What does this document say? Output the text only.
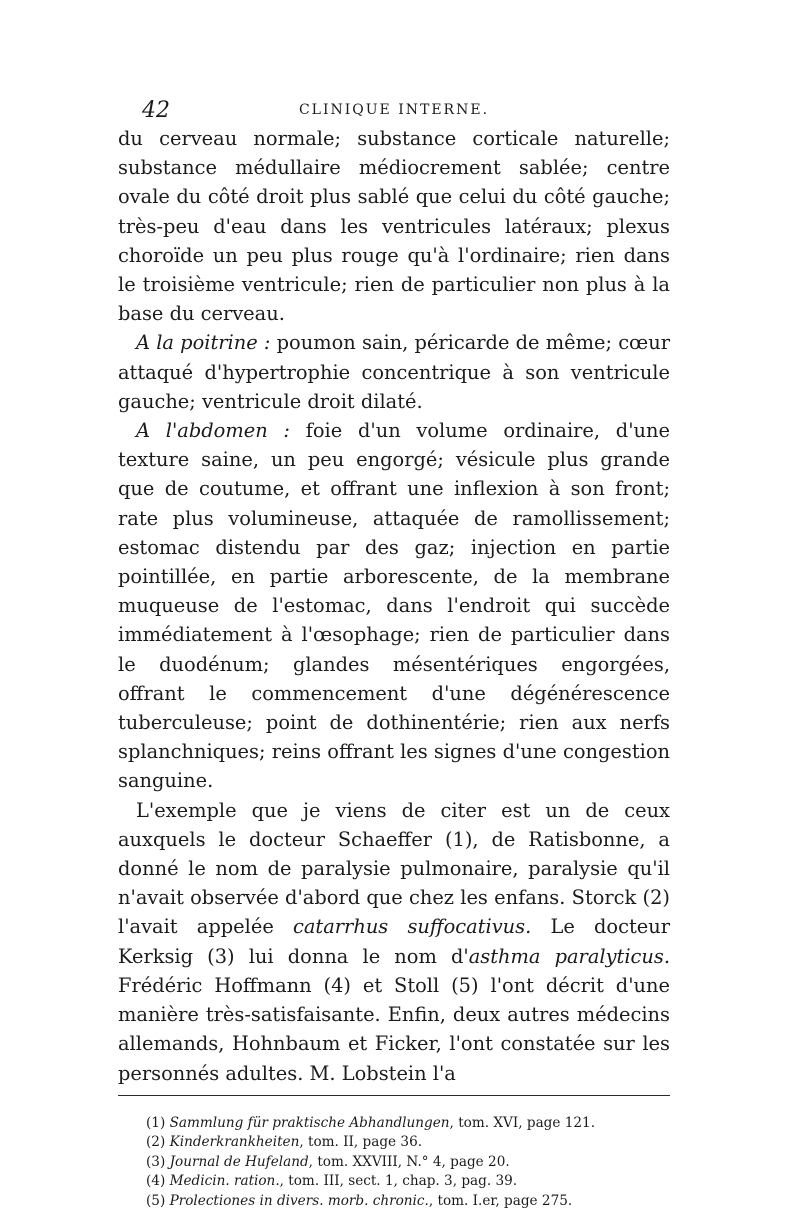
42	CLINIQUE INTERNE.

du cerveau normale; substance corticale naturelle; substance médullaire médiocrement sablée; centre ovale du côté droit plus sablé que celui du côté gauche; très-peu d'eau dans les ventricules latéraux; plexus choroïde un peu plus rouge qu'à l'ordinaire; rien dans le troisième ventricule; rien de particulier non plus à la base du cerveau.

A la poitrine : poumon sain, péricarde de même; cœur attaqué d'hypertrophie concentrique à son ventricule gauche; ventricule droit dilaté.

A l'abdomen : foie d'un volume ordinaire, d'une texture saine, un peu engorgé; vésicule plus grande que de coutume, et offrant une inflexion à son front; rate plus volumineuse, attaquée de ramollissement; estomac distendu par des gaz; injection en partie pointillée, en partie arborescente, de la membrane muqueuse de l'estomac, dans l'endroit qui succède immédiatement à l'œsophage; rien de particulier dans le duodénum; glandes mésentériques engorgées, offrant le commencement d'une dégénérescence tuberculeuse; point de dothinentérie; rien aux nerfs splanchniques; reins offrant les signes d'une congestion sanguine.

L'exemple que je viens de citer est un de ceux auxquels le docteur Schaeffer (1), de Ratisbonne, a donné le nom de paralysie pulmonaire, paralysie qu'il n'avait observée d'abord que chez les enfans. Storck (2) l'avait appelée catarrhus suffocativus. Le docteur Kerksig (3) lui donna le nom d'asthma paralyticus. Frédéric Hoffmann (4) et Stoll (5) l'ont décrit d'une manière très-satisfaisante. Enfin, deux autres médecins allemands, Hohnbaum et Ficker, l'ont constatée sur les personnés adultes. M. Lobstein l'a

(1) Sammlung für praktische Abhandlungen, tom. XVI, page 121.
(2) Kinderkrankheiten, tom. II, page 36.
(3) Journal de Hufeland, tom. XXVIII, N.° 4, page 20.
(4) Medicin. ration., tom. III, sect. 1, chap. 3, pag. 39.
(5) Prolectiones in divers. morb. chronic., tom. I.er, page 275.
